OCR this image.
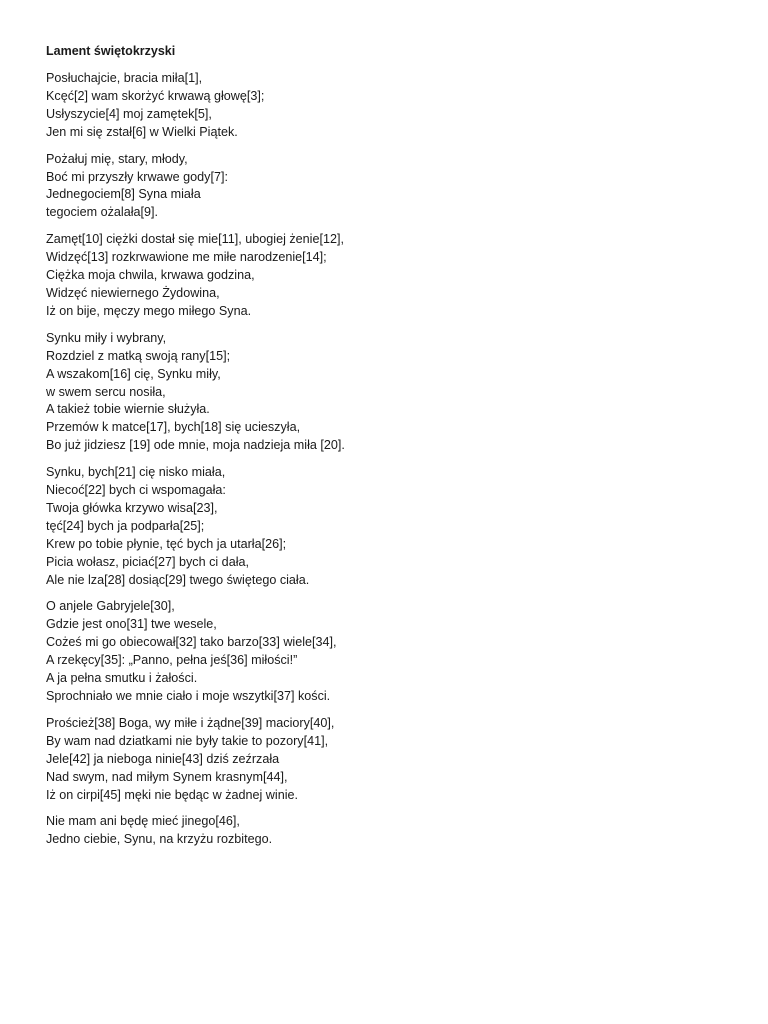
Lament świętokrzyski
Posłuchajcie, bracia miła[1],
Kcęć[2] wam skorżyć krwawą głowę[3];
Usłyszycie[4] moj zamętek[5],
Jen mi się zstał[6] w Wielki Piątek.
Pożałuj mię, stary, młody,
Boć mi przyszły krwawe gody[7]:
Jednegociem[8] Syna miała
tegociem ożalała[9].
Zamęt[10] ciężki dostał się mie[11], ubogiej żenie[12],
Widzęć[13] rozkrwawione me miłe narodzenie[14];
Ciężka moja chwila, krwawa godzina,
Widzęć niewiernego Żydowina,
Iż on bije, męczy mego miłego Syna.
Synku miły i wybrany,
Rozdziel z matką swoją rany[15];
A wszakom[16] cię, Synku miły,
w swem sercu nosiła,
A takież tobie wiernie służyła.
Przemów k matce[17], bych[18] się ucieszyła,
Bo już jidziesz [19] ode mnie, moja nadzieja miła [20].
Synku, bych[21] cię nisko miała,
Niecoć[22] bych ci wspomagała:
Twoja główka krzywo wisa[23],
tęć[24] bych ja podparła[25];
Krew po tobie płynie, tęć bych ja utarła[26];
Picia wołasz, piciać[27] bych ci dała,
Ale nie lza[28] dosiąc[29] twego świętego ciała.
O anjele Gabryjele[30],
Gdzie jest ono[31] twe wesele,
Cożeś mi go obiecował[32] tako barzo[33] wiele[34],
A rzekęcy[35]: „Panno, pełna jeś[36] miłości!”
A ja pełna smutku i żałości.
Sprochniało we mnie ciało i moje wszytki[37] kości.
Proścież[38] Boga, wy miłe i żądne[39] maciory[40],
By wam nad dziatkami nie były takie to pozory[41],
Jele[42] ja nieboga ninie[43] dziś zeźrzała
Nad swym, nad miłym Synem krasnym[44],
Iż on cirpi[45] męki nie będąc w żadnej winie.
Nie mam ani będę mieć jinego[46],
Jedno ciebie, Synu, na krzyżu rozbitego.
